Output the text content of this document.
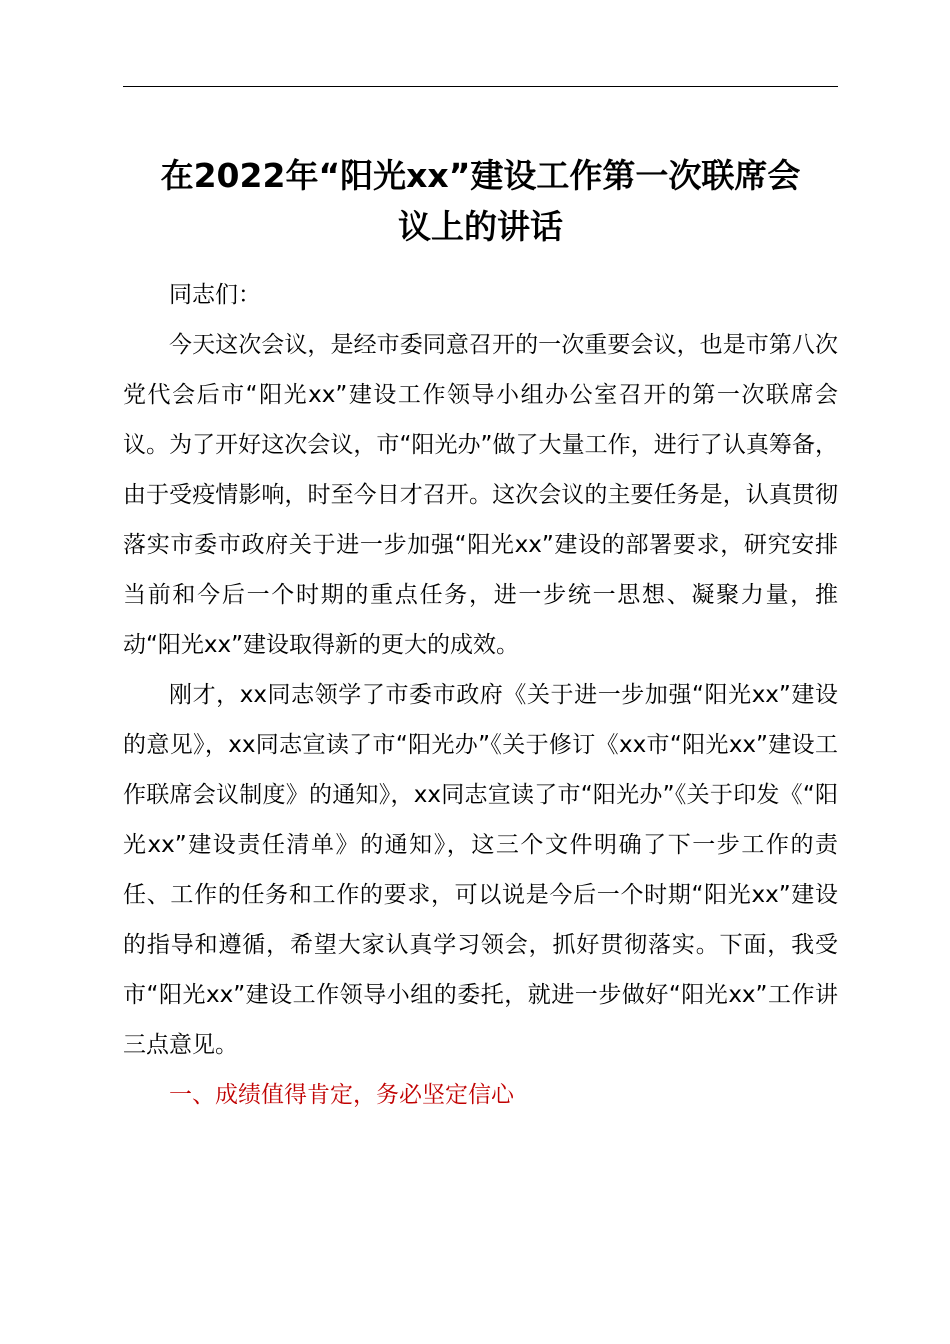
在2022年“阳光xx”建设工作第一次联席会
议上的讲话

同志们：

今天这次会议，是经市委同意召开的一次重要会议，也是市第八次党代会后市“阳光xx”建设工作领导小组办公室召开的第一次联席会议。为了开好这次会议，市“阳光办”做了大量工作，进行了认真筹备，由于受疫情影响，时至今日才召开。这次会议的主要任务是，认真贯彻落实市委市政府关于进一步加强“阳光xx”建设的部署要求，研究安排当前和今后一个时期的重点任务，进一步统一思想、凝聚力量，推动“阳光xx”建设取得新的更大的成效。

刚才，xx同志领学了市委市政府《关于进一步加强“阳光xx”建设的意见》，xx同志宣读了市“阳光办”《关于修订《xx市“阳光xx”建设工作联席会议制度》的通知》，xx同志宣读了市“阳光办”《关于印发《“阳光xx”建设责任清单》的通知》，这三个文件明确了下一步工作的责任、工作的任务和工作的要求，可以说是今后一个时期“阳光xx”建设的指导和遵循，希望大家认真学习领会，抓好贯彻落实。下面，我受市“阳光xx”建设工作领导小组的委托，就进一步做好“阳光xx”工作讲三点意见。

一、成绩值得肯定，务必坚定信心
